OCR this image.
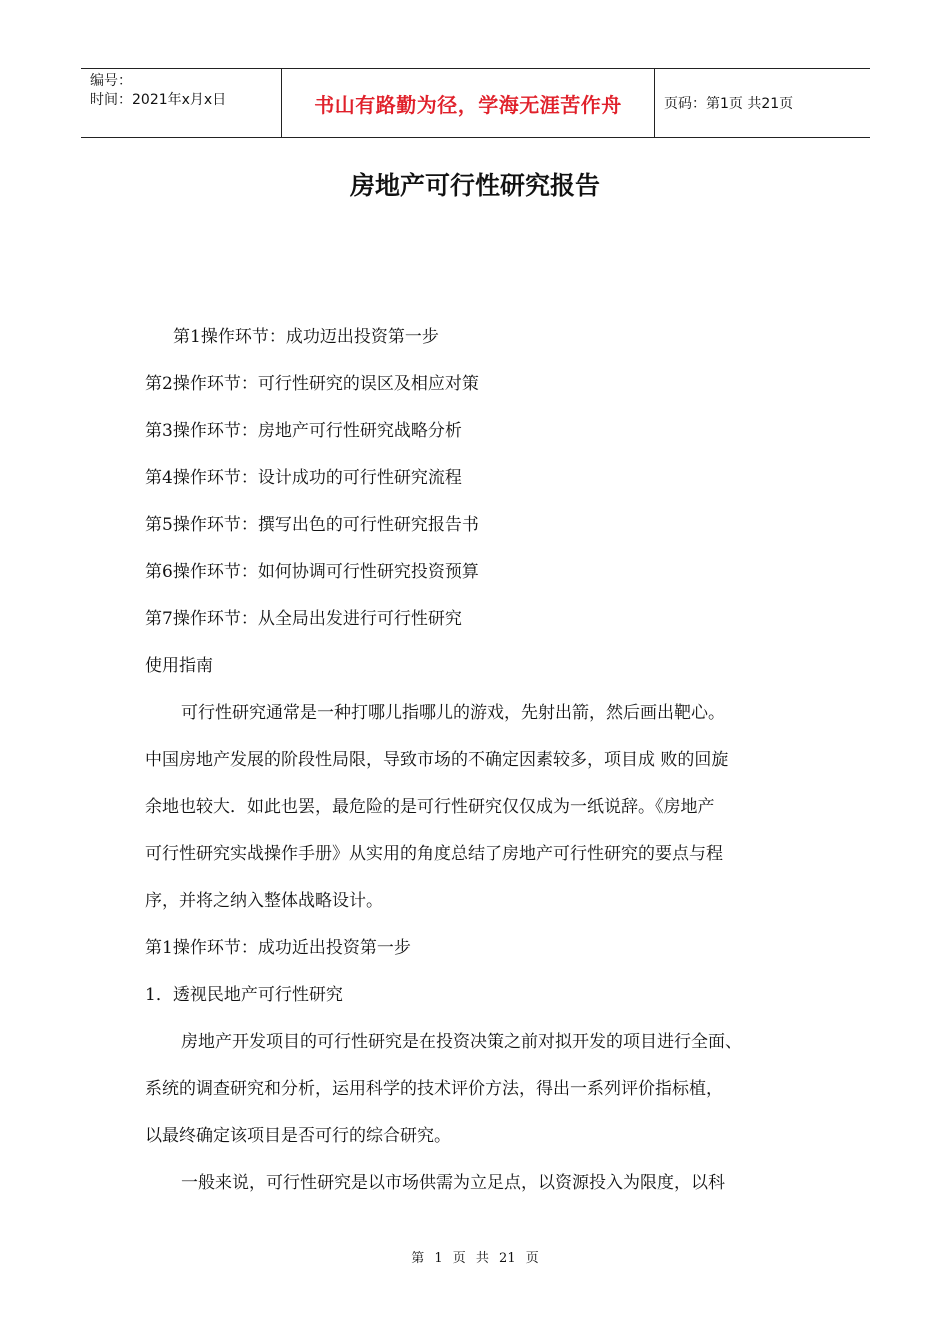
编号：
时间：2021年x月x日	书山有路勤为径，学海无涯苦作舟	页码：第1页 共21页
房地产可行性研究报告
第1操作环节：成功迈出投资第一步
第2操作环节：可行性研究的误区及相应对策
第3操作环节：房地产可行性研究战略分析
第4操作环节：设计成功的可行性研究流程
第5操作环节：撰写出色的可行性研究报告书
第6操作环节：如何协调可行性研究投资预算
第7操作环节：从全局出发进行可行性研究
使用指南
可行性研究通常是一种打哪儿指哪儿的游戏，先射出箭，然后画出靶心。
中国房地产发展的阶段性局限，导致市场的不确定因素较多，项目成 败的回旋
余地也较大．如此也罢，最危险的是可行性研究仅仅成为一纸说辞。《房地产
可行性研究实战操作手册》从实用的角度总结了房地产可行性研究的要点与程
序，并将之纳入整体战略设计。
第1操作环节：成功近出投资第一步
1．透视民地产可行性研究
房地产开发项目的可行性研究是在投资决策之前对拟开发的项目进行全面、
系统的调查研究和分析，运用科学的技术评价方法，得出一系列评价指标植，
以最终确定该项目是否可行的综合研究。
一般来说，可行性研究是以市场供需为立足点，以资源投入为限度，以科
第 1 页 共 21 页
